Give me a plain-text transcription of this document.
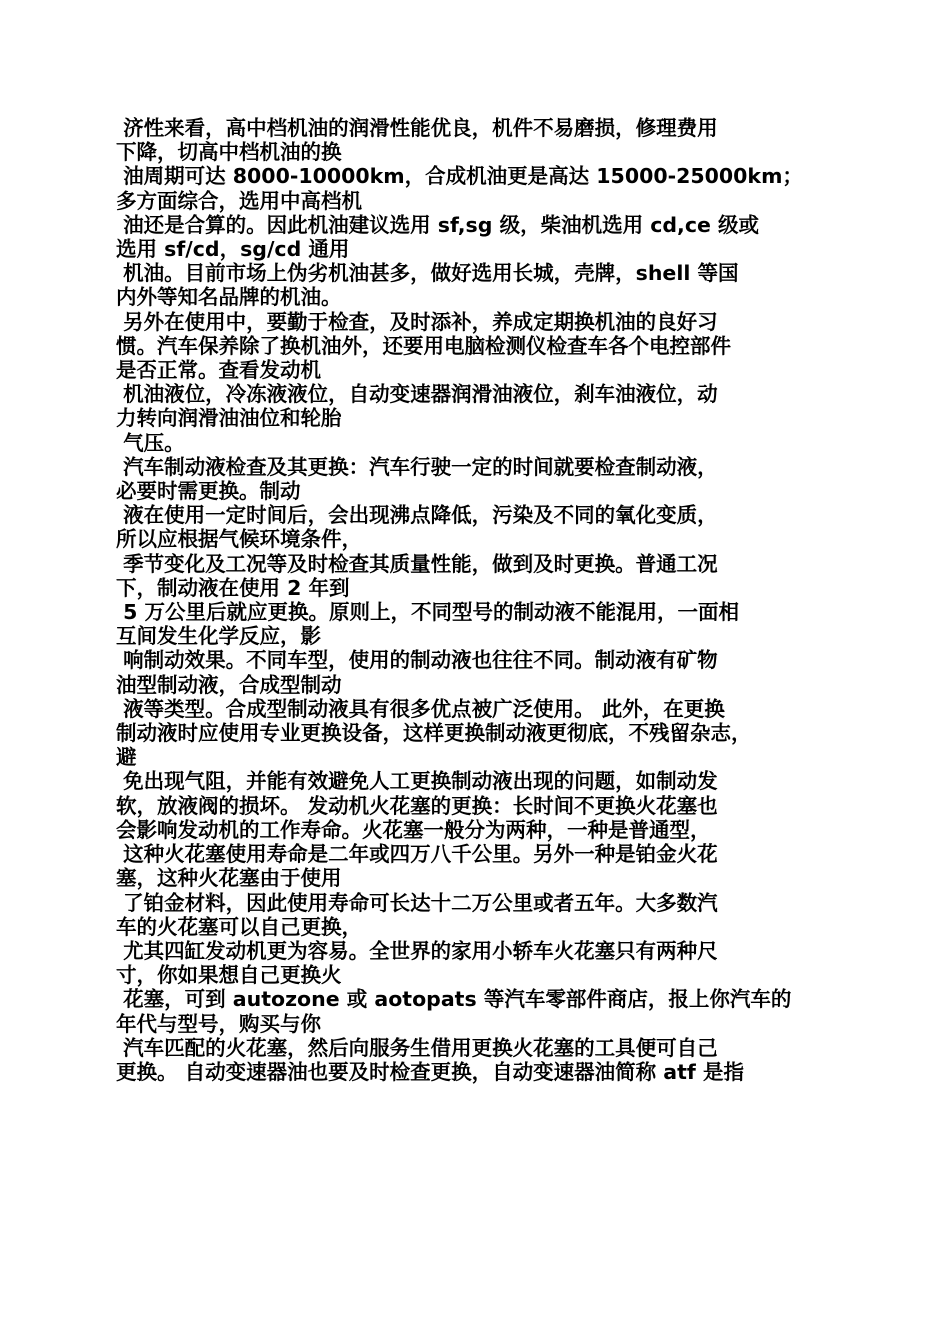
济性来看，高中档机油的润滑性能优良，机件不易磨损，修理费用
下降，切高中档机油的换
油周期可达 8000-10000km，合成机油更是高达 15000-25000km；
多方面综合，选用中高档机
油还是合算的。因此机油建议选用 sf,sg 级，柴油机选用 cd,ce 级或
选用 sf/cd，sg/cd 通用
机油。目前市场上伪劣机油甚多，做好选用长城，壳牌，shell 等国
内外等知名品牌的机油。
另外在使用中，要勤于检查，及时添补，养成定期换机油的良好习
惯。汽车保养除了换机油外，还要用电脑检测仪检查车各个电控部件
是否正常。查看发动机
机油液位，冷冻液液位，自动变速器润滑油液位，刹车油液位，动
力转向润滑油油位和轮胎
气压。
汽车制动液检查及其更换：汽车行驶一定的时间就要检查制动液，
必要时需更换。制动
液在使用一定时间后，会出现沸点降低，污染及不同的氧化变质，
所以应根据气候环境条件，
季节变化及工况等及时检查其质量性能，做到及时更换。普通工况
下，制动液在使用 2 年到
5 万公里后就应更换。原则上，不同型号的制动液不能混用，一面相
互间发生化学反应，影
响制动效果。不同车型，使用的制动液也往往不同。制动液有矿物
油型制动液，合成型制动
液等类型。合成型制动液具有很多优点被广泛使用。 此外，在更换
制动液时应使用专业更换设备，这样更换制动液更彻底，不残留杂志，
避
免出现气阻，并能有效避免人工更换制动液出现的问题，如制动发
软，放液阀的损坏。 发动机火花塞的更换：长时间不更换火花塞也
会影响发动机的工作寿命。火花塞一般分为两种，一种是普通型，
这种火花塞使用寿命是二年或四万八千公里。另外一种是铂金火花
塞，这种火花塞由于使用
了铂金材料，因此使用寿命可长达十二万公里或者五年。大多数汽
车的火花塞可以自己更换，
尤其四缸发动机更为容易。全世界的家用小轿车火花塞只有两种尺
寸，你如果想自己更换火
花塞，可到 autozone 或 aotopats 等汽车零部件商店，报上你汽车的
年代与型号，购买与你
汽车匹配的火花塞，然后向服务生借用更换火花塞的工具便可自己
更换。 自动变速器油也要及时检查更换，自动变速器油简称 atf 是指
